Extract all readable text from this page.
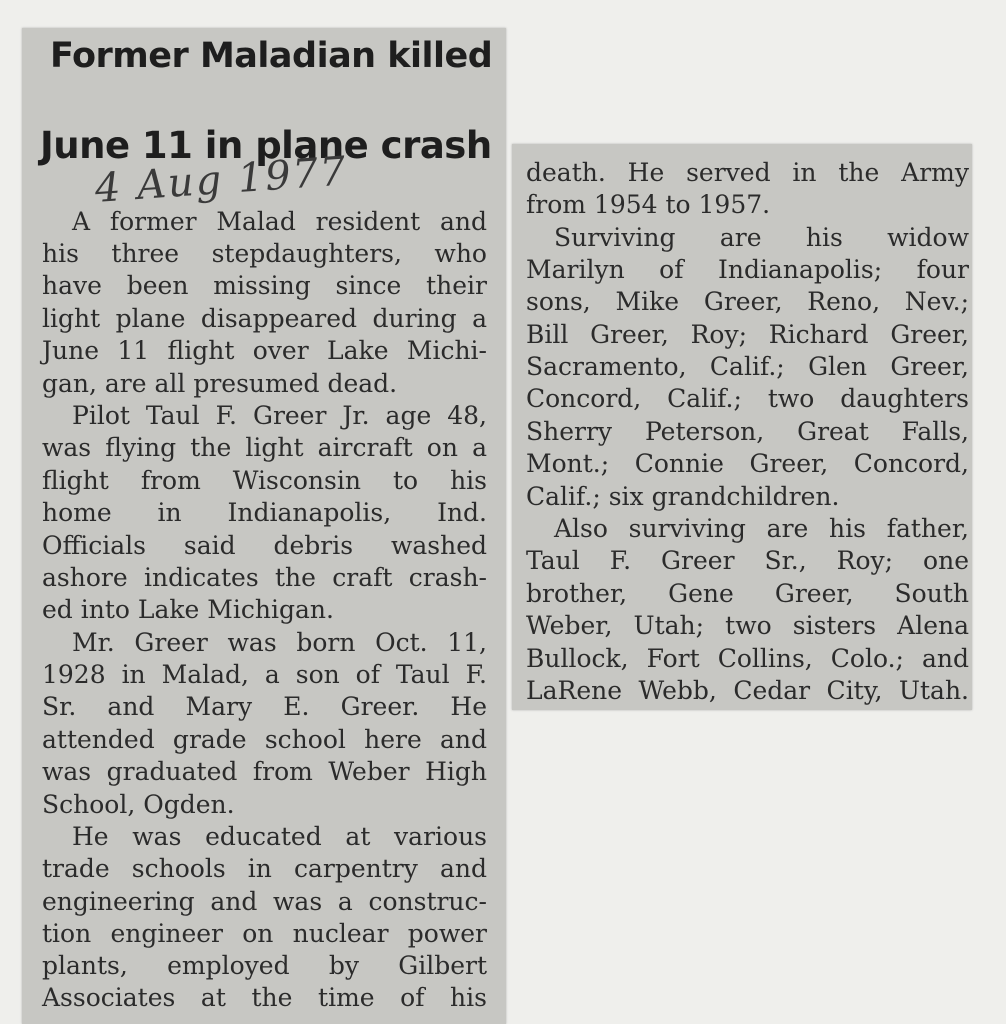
Former Maladian killed
June 11 in plane crash
4 Aug 1977
A former Malad resident and
his three stepdaughters, who
have been missing since their
light plane disappeared during a
June 11 flight over Lake Michi-
gan, are all presumed dead.
Pilot Taul F. Greer Jr. age 48,
was flying the light aircraft on a
flight from Wisconsin to his
home in Indianapolis, Ind.
Officials said debris washed
ashore indicates the craft crash-
ed into Lake Michigan.
Mr. Greer was born Oct. 11,
1928 in Malad, a son of Taul F.
Sr. and Mary E. Greer. He
attended grade school here and
was graduated from Weber High
School, Ogden.
He was educated at various
trade schools in carpentry and
engineering and was a construc-
tion engineer on nuclear power
plants, employed by Gilbert
Associates at the time of his
death. He served in the Army
from 1954 to 1957.
Surviving are his widow
Marilyn of Indianapolis; four
sons, Mike Greer, Reno, Nev.;
Bill Greer, Roy; Richard Greer,
Sacramento, Calif.; Glen Greer,
Concord, Calif.; two daughters
Sherry Peterson, Great Falls,
Mont.; Connie Greer, Concord,
Calif.; six grandchildren.
Also surviving are his father,
Taul F. Greer Sr., Roy; one
brother, Gene Greer, South
Weber, Utah; two sisters Alena
Bullock, Fort Collins, Colo.; and
LaRene Webb, Cedar City, Utah.
